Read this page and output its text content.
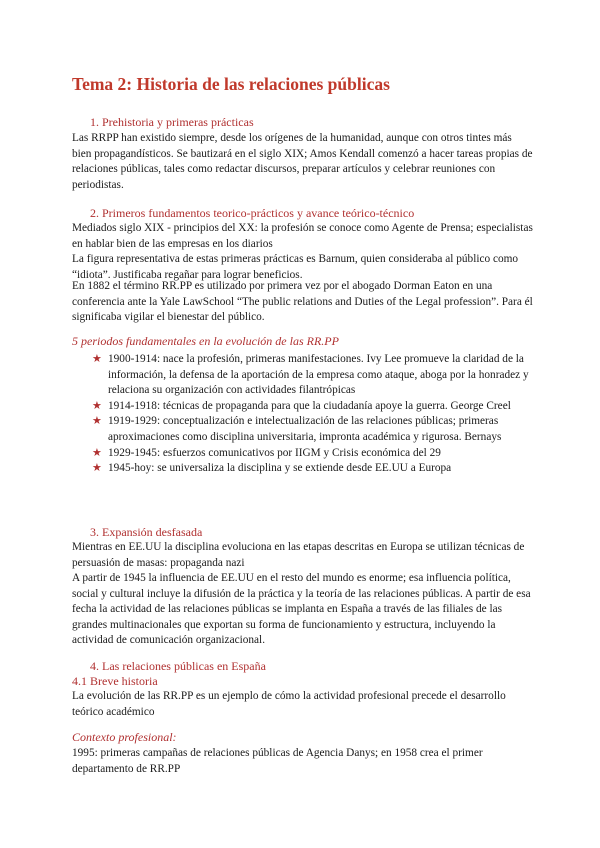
Tema 2: Historia de las relaciones públicas
1. Prehistoria y primeras prácticas
Las RRPP han existido siempre, desde los orígenes de la humanidad, aunque con otros tintes más bien propagandísticos. Se bautizará en el siglo XIX; Amos Kendall comenzó a hacer tareas propias de relaciones públicas, tales como redactar discursos, preparar artículos y celebrar reuniones con periodistas.
2. Primeros fundamentos teorico-prácticos y avance teórico-técnico
Mediados siglo XIX - principios del XX: la profesión se conoce como Agente de Prensa; especialistas en hablar bien de las empresas en los diarios
La figura representativa de estas primeras prácticas es Barnum, quien consideraba al público como “idiota”. Justificaba regañar para lograr beneficios.
En 1882 el término RR.PP es utilizado por primera vez por el abogado Dorman Eaton en una conferencia ante la Yale LawSchool “The public relations and Duties of the Legal profession”. Para él significaba vigilar el bienestar del público.
5 periodos fundamentales en la evolución de las RR.PP
★ 1900-1914: nace la profesión, primeras manifestaciones. Ivy Lee promueve la claridad de la información, la defensa de la aportación de la empresa como ataque, aboga por la honradez y relaciona su organización con actividades filantrópicas
★ 1914-1918: técnicas de propaganda para que la ciudadanía apoye la guerra. George Creel
★ 1919-1929: conceptualización e intelectualización de las relaciones públicas; primeras aproximaciones como disciplina universitaria, impronta académica y rigurosa. Bernays
★ 1929-1945: esfuerzos comunicativos por IIGM y Crisis económica del 29
★ 1945-hoy: se universaliza la disciplina y se extiende desde EE.UU a Europa
3. Expansión desfasada
Mientras en EE.UU la disciplina evoluciona en las etapas descritas en Europa se utilizan técnicas de persuasión de masas: propaganda nazi
A partir de 1945 la influencia de EE.UU en el resto del mundo es enorme; esa influencia política, social y cultural incluye la difusión de la práctica y la teoría de las relaciones públicas. A partir de esa fecha la actividad de las relaciones públicas se implanta en España a través de las filiales de las grandes multinacionales que exportan su forma de funcionamiento y estructura, incluyendo la actividad de comunicación organizacional.
4. Las relaciones públicas en España
4.1 Breve historia
La evolución de las RR.PP es un ejemplo de cómo la actividad profesional precede el desarrollo teórico académico
Contexto profesional:
1995: primeras campañas de relaciones públicas de Agencia Danys; en 1958 crea el primer departamento de RR.PP
